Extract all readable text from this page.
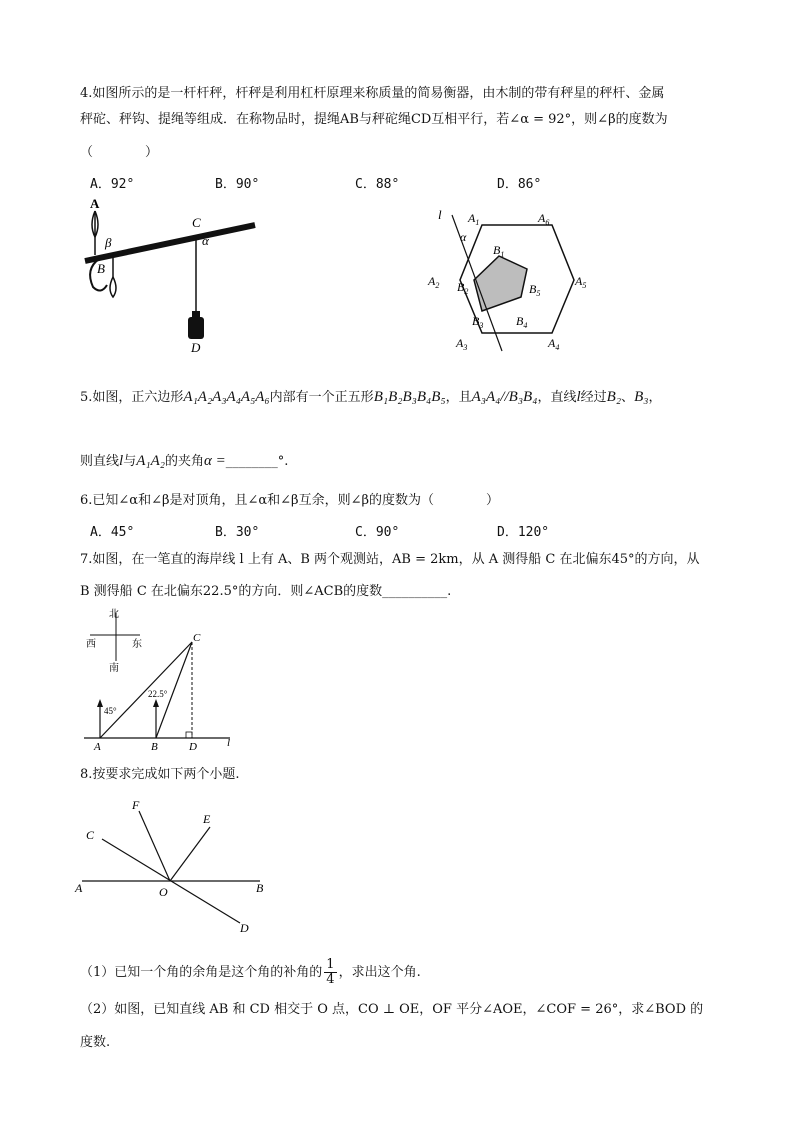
4.如图所示的是一杆杆秤，杆秤是利用杠杆原理来称质量的简易衡器，由木制的带有秤星的秤杆、金属
秤砣、秤钩、提绳等组成．在称物品时，提绳AB与秤砣绳CD互相平行，若∠α = 92°，则∠β的度数为
（　　　　）
A．92°	B．90°	C．88°	D．86°
A
B
β
C
α
D
l
α
$A_1$
$A_2$
$A_3$	$A_4$
$A_5$
$A_6$
$B_1$
$B_2$
$B_3$	$B_4$
$B_5$
5.如图，正六边形A₁A₂A₃A₄A₅A₆内部有一个正五形B₁B₂B₃B₄B₅，且A₃A₄//B₃B₄，直线l经过B₂、B₃，
则直线l与A₁A₂的夹角α =________°.
6.已知∠α和∠β是对顶角，且∠α和∠β互余，则∠β的度数为（　　　　）
A．45°	B．30°	C．90°	D．120°
7.如图，在一笔直的海岸线 l 上有 A、B 两个观测站，AB = 2km，从 A 测得船 C 在北偏东45°的方向，从
B 测得船 C 在北偏东22.5°的方向．则∠ACB的度数__________.
北
西	东
南
45°
22.5°
C
A	B	D	l
8.按要求完成如下两个小题.
F
E
C
A	O	B
D
（1）已知一个角的余角是这个角的补角的 $\frac{1}{4}$ ，求出这个角.
（2）如图，已知直线 AB 和 CD 相交于 O 点，CO ⊥ OE，OF 平分∠AOE，∠COF = 26°，求∠BOD 的
度数.
